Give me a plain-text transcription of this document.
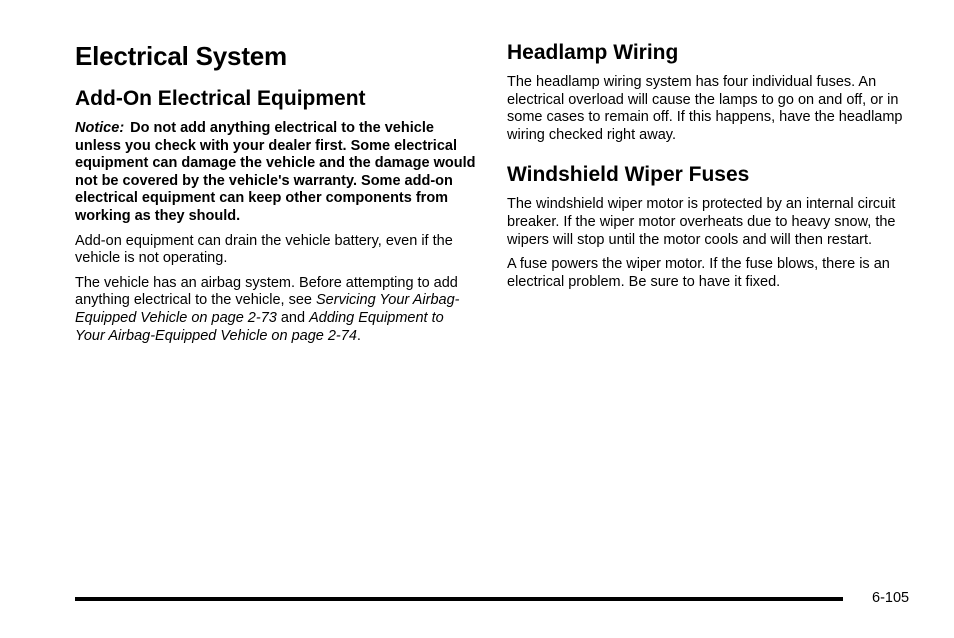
Electrical System
Add-On Electrical Equipment

Notice: Do not add anything electrical to the vehicle unless you check with your dealer first. Some electrical equipment can damage the vehicle and the damage would not be covered by the vehicle's warranty. Some add-on electrical equipment can keep other components from working as they should.

Add-on equipment can drain the vehicle battery, even if the vehicle is not operating.

The vehicle has an airbag system. Before attempting to add anything electrical to the vehicle, see Servicing Your Airbag-Equipped Vehicle on page 2-73 and Adding Equipment to Your Airbag-Equipped Vehicle on page 2-74.

Headlamp Wiring

The headlamp wiring system has four individual fuses. An electrical overload will cause the lamps to go on and off, or in some cases to remain off. If this happens, have the headlamp wiring checked right away.

Windshield Wiper Fuses

The windshield wiper motor is protected by an internal circuit breaker. If the wiper motor overheats due to heavy snow, the wipers will stop until the motor cools and will then restart.

A fuse powers the wiper motor. If the fuse blows, there is an electrical problem. Be sure to have it fixed.

6-105
